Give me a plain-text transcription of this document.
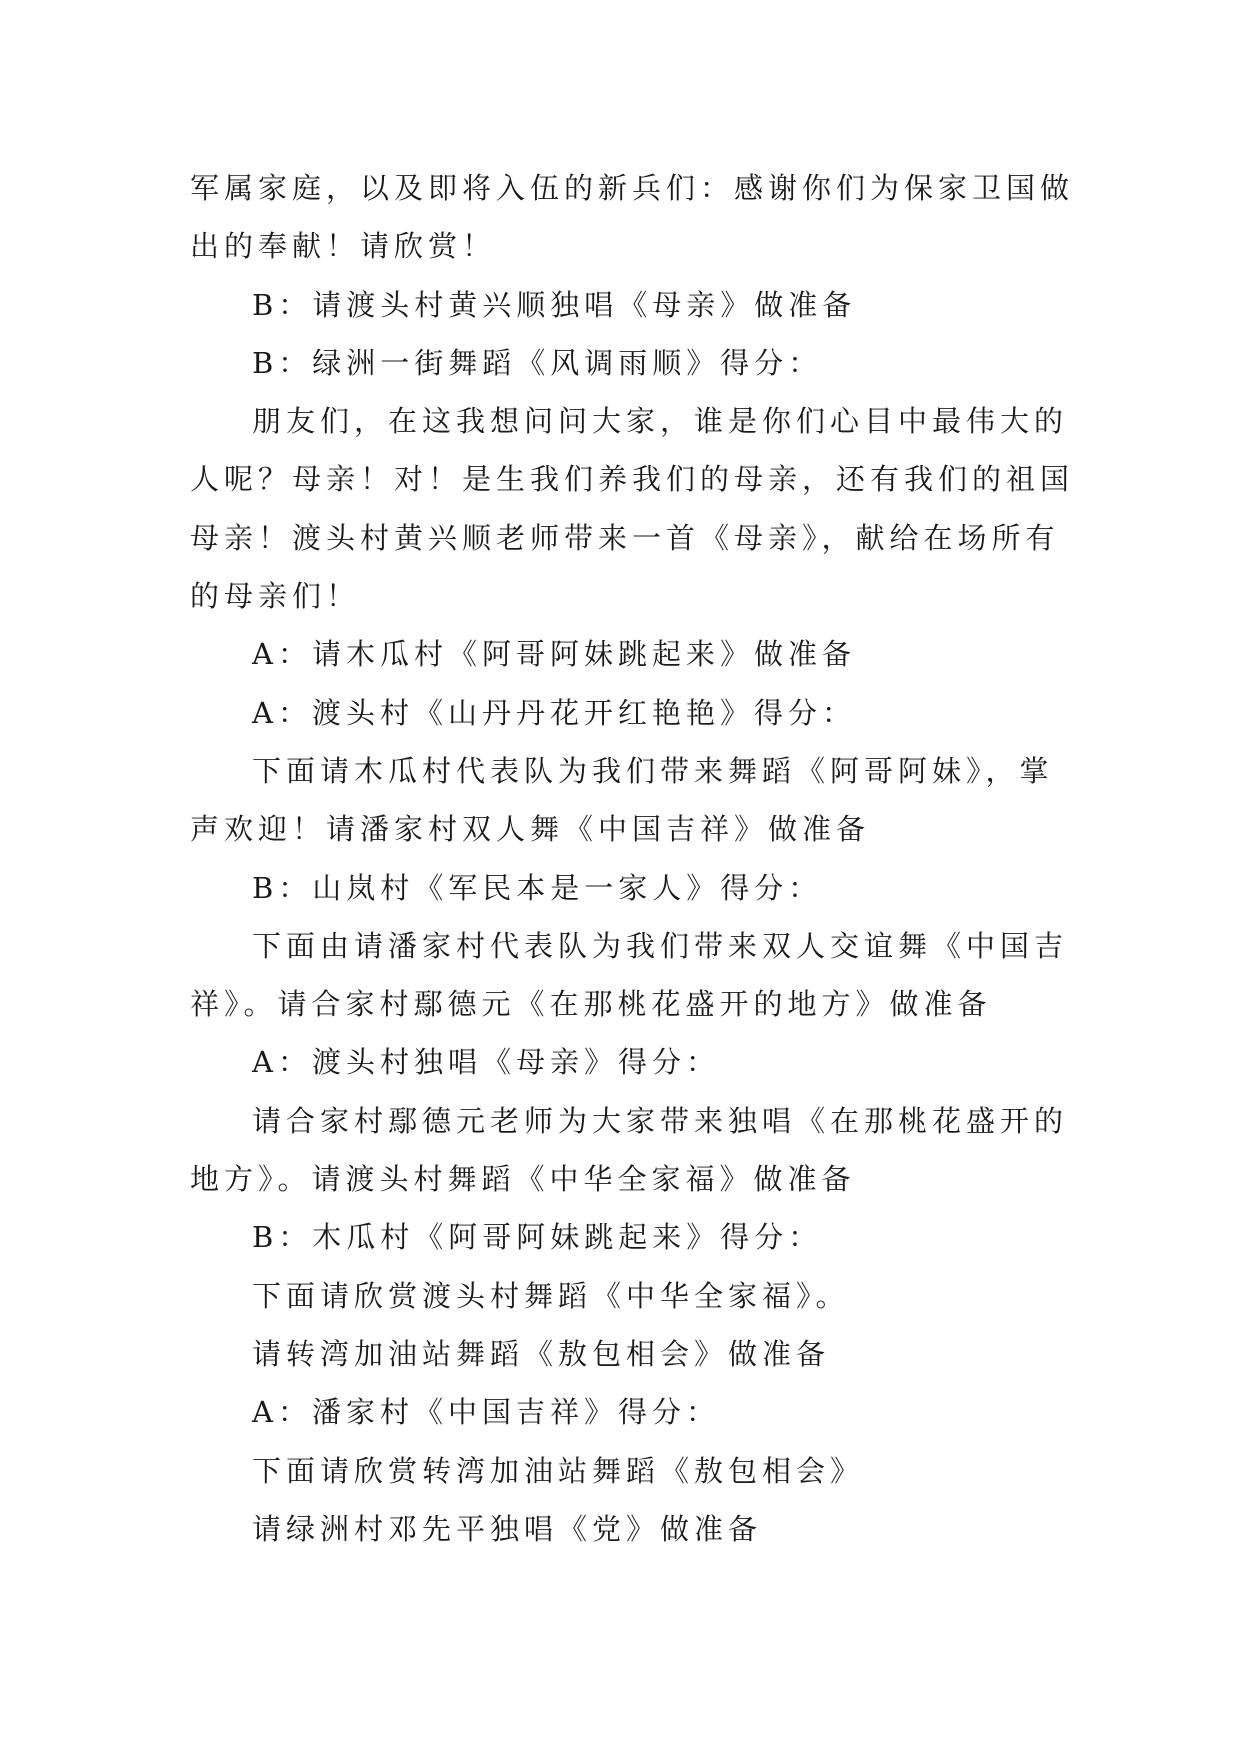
军属家庭，以及即将入伍的新兵们：感谢你们为保家卫国做
出的奉献！请欣赏！
B：请渡头村黄兴顺独唱《母亲》做准备
B：绿洲一街舞蹈《风调雨顺》得分：
朋友们，在这我想问问大家，谁是你们心目中最伟大的
人呢？母亲！对！是生我们养我们的母亲，还有我们的祖国
母亲！渡头村黄兴顺老师带来一首《母亲》，献给在场所有
的母亲们！
A：请木瓜村《阿哥阿妹跳起来》做准备
A：渡头村《山丹丹花开红艳艳》得分：
下面请木瓜村代表队为我们带来舞蹈《阿哥阿妹》，掌
声欢迎！请潘家村双人舞《中国吉祥》做准备
B：山岚村《军民本是一家人》得分：
下面由请潘家村代表队为我们带来双人交谊舞《中国吉
祥》。请合家村鄢德元《在那桃花盛开的地方》做准备
A：渡头村独唱《母亲》得分：
请合家村鄢德元老师为大家带来独唱《在那桃花盛开的
地方》。请渡头村舞蹈《中华全家福》做准备
B：木瓜村《阿哥阿妹跳起来》得分：
下面请欣赏渡头村舞蹈《中华全家福》。
请转湾加油站舞蹈《敖包相会》做准备
A：潘家村《中国吉祥》得分：
下面请欣赏转湾加油站舞蹈《敖包相会》
请绿洲村邓先平独唱《党》做准备
